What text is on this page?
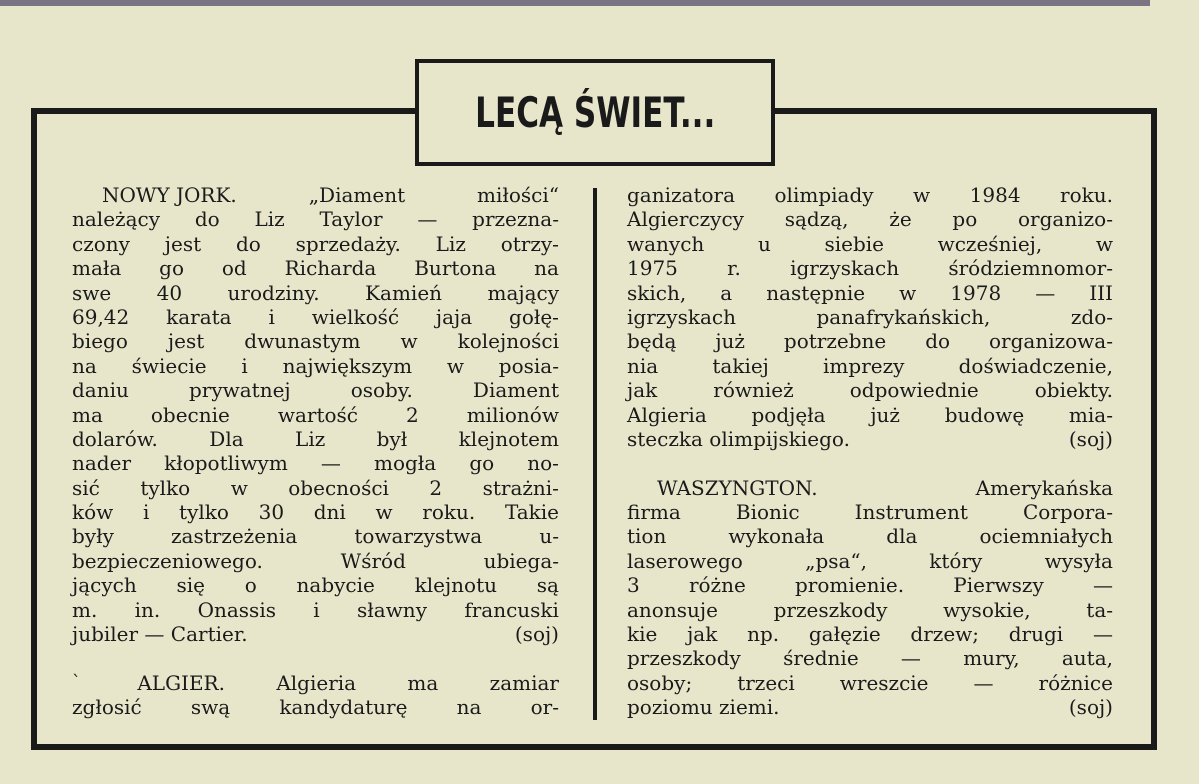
LECĄ ŚWIET...
NOWY JORK.	„Diament	miłości“
należący do Liz Taylor — przezna-
czony jest do sprzedaży. Liz otrzy-
mała go od Richarda Burtona na
swe 40 urodziny. Kamień mający
69,42 karata i wielkość jaja gołę-
biego jest dwunastym w kolejności
na świecie i największym w posia-
daniu	prywatnej	osoby.	Diament
ma obecnie wartość 2 milionów
dolarów.	Dla	Liz	był	klejnotem
nader kłopotliwym — mogła go no-
sić tylko w obecności 2 strażni-
ków i tylko 30 dni w roku. Takie
były	zastrzeżenia	towarzystwa	u-
bezpieczeniowego.	Wśród	ubiega-
jących się o nabycie klejnotu są
m. in. Onassis i sławny francuski
jubiler — Cartier.	(soj)
ˋ	ALGIER.	Algieria	ma	zamiar
zgłosić swą kandydaturę na or-
ganizatora olimpiady w 1984 roku.
Algierczycy sądzą, że po organizo-
wanych	u	siebie	wcześniej,	w
1975 r. igrzyskach śródziemnomor-
skich, a następnie w 1978 — III
igrzyskach	panafrykańskich,	zdo-
będą już potrzebne do organizowa-
nia	takiej	imprezy	doświadczenie,
jak	również	odpowiednie	obiekty.
Algieria podjęła już budowę mia-
steczka olimpijskiego.	(soj)
WASZYNGTON.	Amerykańska
firma	Bionic	Instrument	Corpora-
tion	wykonała	dla	ociemniałych
laserowego	„psa“,	który	wysyła
3 różne promienie. Pierwszy —
anonsuje	przeszkody	wysokie,	ta-
kie jak np. gałęzie drzew; drugi —
przeszkody średnie — mury, auta,
osoby; trzeci wreszcie — różnice
poziomu ziemi.	(soj)
